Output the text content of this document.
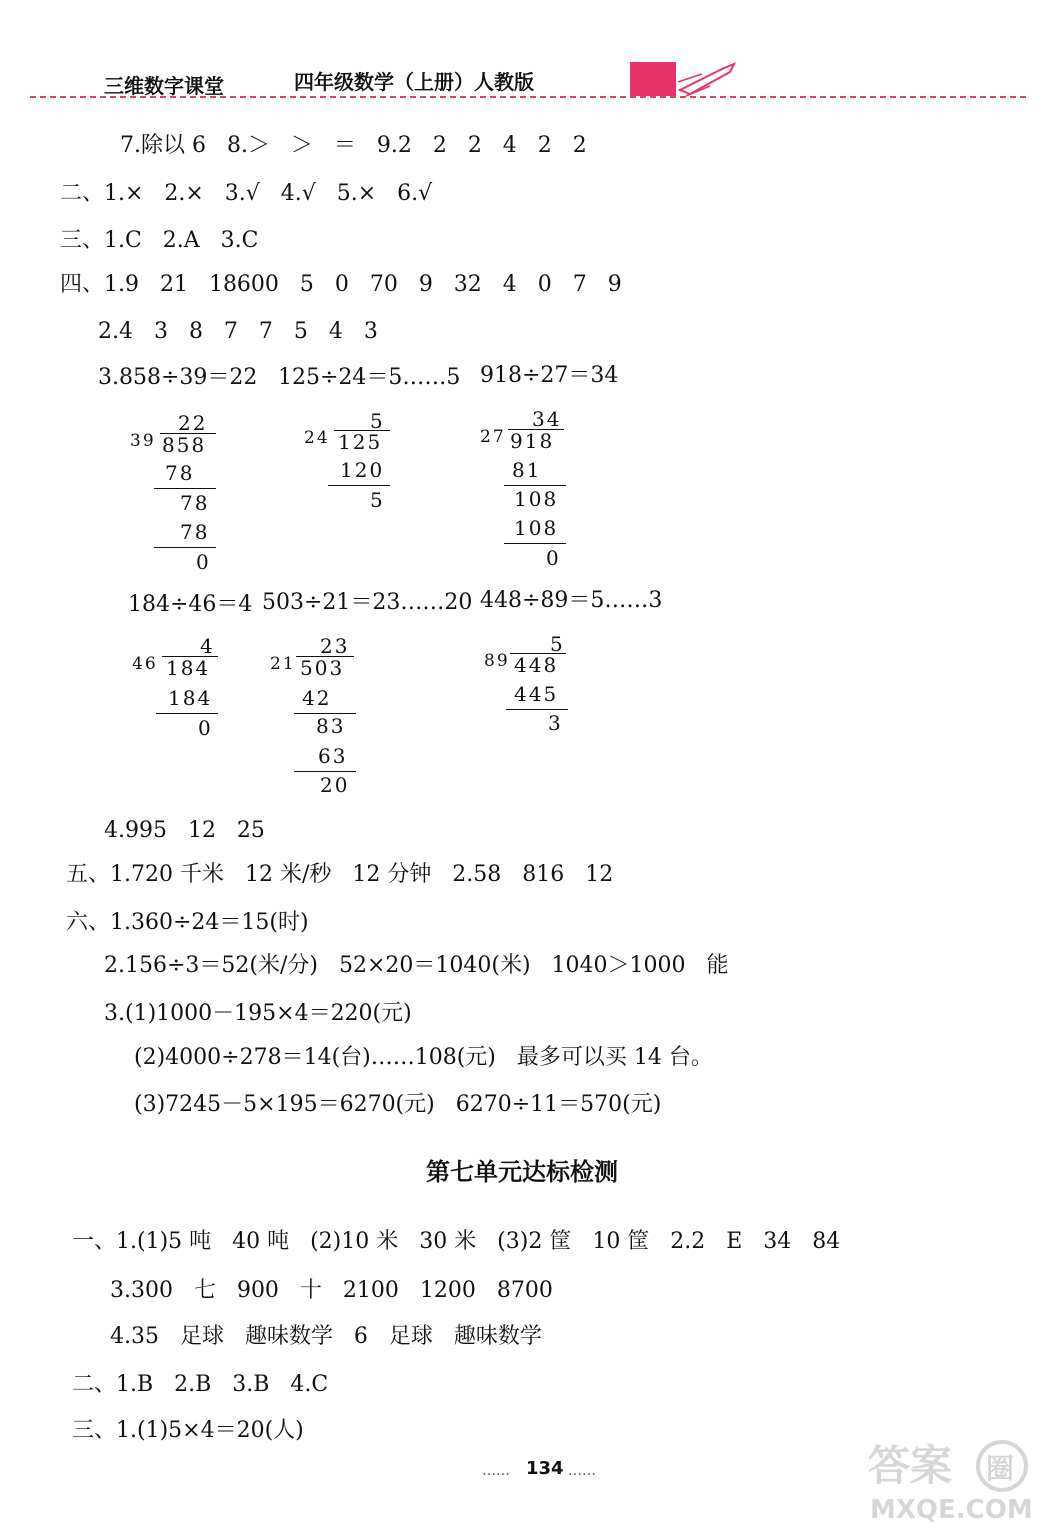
三维数字课堂	四年级数学（上册）人教版
7.除以 6   8.＞   ＞   ＝   9.2   2   2   4   2   2
二、1.×   2.×   3.√   4.√   5.×   6.√
三、1.C   2.A   3.C
四、1.9   21   18600   5   0   70   9   32   4   0   7   9
2.4   3   8   7   7   5   4   3
3.858÷39＝22 125÷24＝5……5 918÷27＝34
22
39 858
78
78
78
0
5
24 125
120
5
34
27 918
81
108
108
0
184÷46＝4 503÷21＝23……20 448÷89＝5……3
4
46 184
184
0
23
21 503
42
83
63
20
5
89 448
445
3
4.995   12   25
五、1.720 千米   12 米/秒   12 分钟   2.58   816   12
六、1.360÷24＝15(时)
2.156÷3＝52(米/分)   52×20＝1040(米)   1040＞1000   能
3.(1)1000－195×4＝220(元)
(2)4000÷278＝14(台)……108(元)   最多可以买 14 台。
(3)7245－5×195＝6270(元)   6270÷11＝570(元)
第七单元达标检测
一、1.(1)5 吨   40 吨   (2)10 米   30 米   (3)2 筐   10 筐   2.2   E   34   84
3.300   七   900   十   2100   1200   8700
4.35   足球   趣味数学   6   足球   趣味数学
二、1.B   2.B   3.B   4.C
三、1.(1)5×4＝20(人)
…… 134 ……	答案 圈
MXQE.COM
